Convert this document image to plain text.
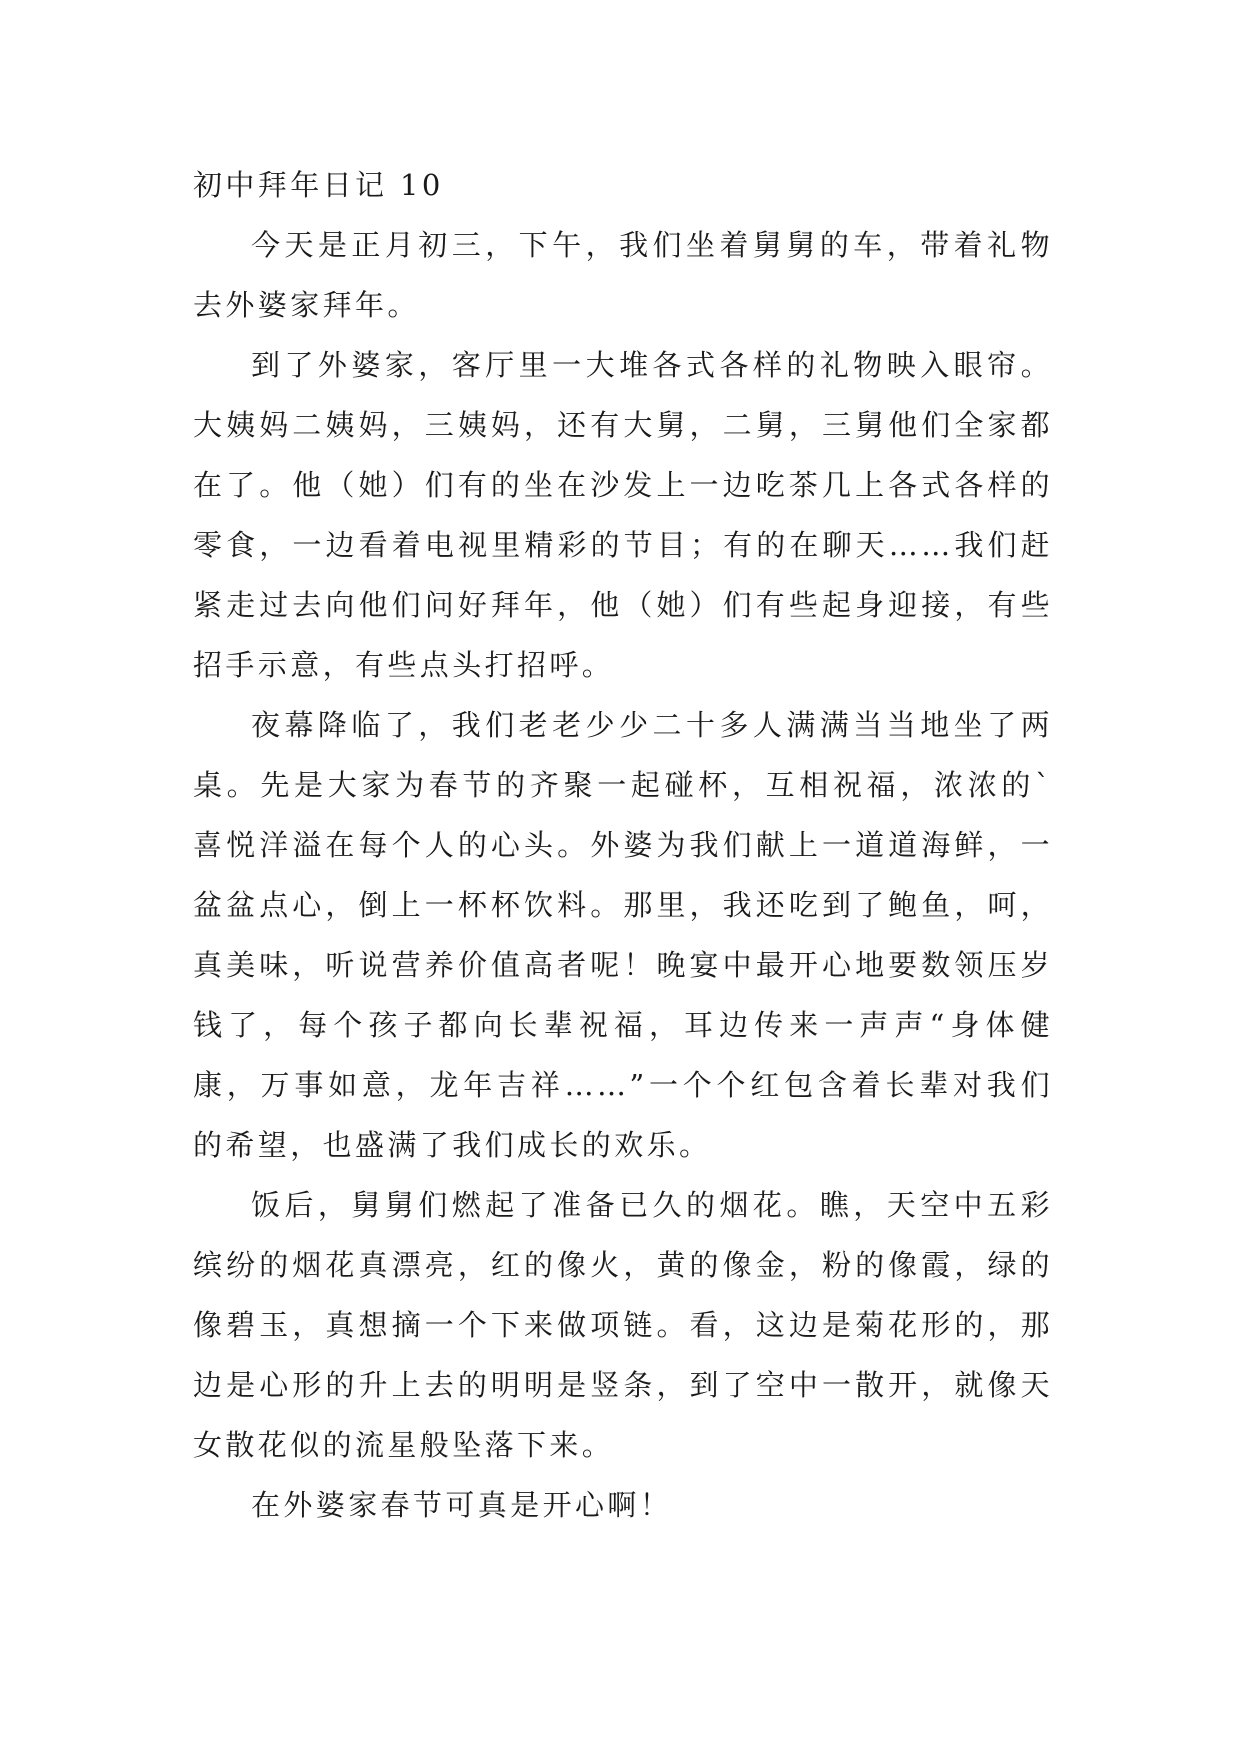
初中拜年日记 10

今天是正月初三，下午，我们坐着舅舅的车，带着礼物去外婆家拜年。

到了外婆家，客厅里一大堆各式各样的礼物映入眼帘。大姨妈二姨妈，三姨妈，还有大舅，二舅，三舅他们全家都在了。他（她）们有的坐在沙发上一边吃茶几上各式各样的零食，一边看着电视里精彩的节目；有的在聊天……我们赶紧走过去向他们问好拜年，他（她）们有些起身迎接，有些招手示意，有些点头打招呼。

夜幕降临了，我们老老少少二十多人满满当当地坐了两桌。先是大家为春节的齐聚一起碰杯，互相祝福，浓浓的`喜悦洋溢在每个人的心头。外婆为我们献上一道道海鲜，一盆盆点心，倒上一杯杯饮料。那里，我还吃到了鲍鱼，呵，真美味，听说营养价值高者呢！晚宴中最开心地要数领压岁钱了，每个孩子都向长辈祝福，耳边传来一声声“身体健康，万事如意，龙年吉祥……”一个个红包含着长辈对我们的希望，也盛满了我们成长的欢乐。

饭后，舅舅们燃起了准备已久的烟花。瞧，天空中五彩缤纷的烟花真漂亮，红的像火，黄的像金，粉的像霞，绿的像碧玉，真想摘一个下来做项链。看，这边是菊花形的，那边是心形的升上去的明明是竖条，到了空中一散开，就像天女散花似的流星般坠落下来。

在外婆家春节可真是开心啊！
